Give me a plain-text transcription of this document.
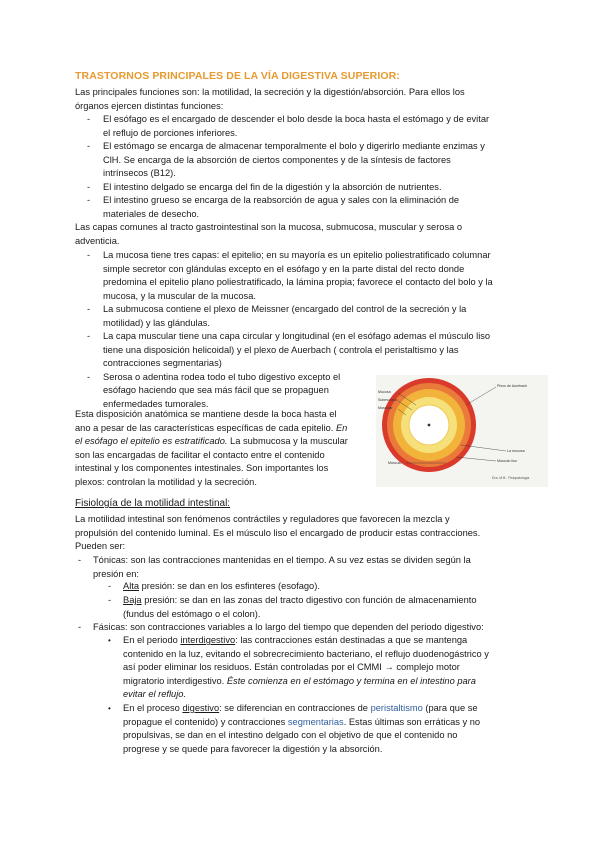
TRASTORNOS PRINCIPALES DE LA VÍA DIGESTIVA SUPERIOR:
Las principales funciones son: la motilidad, la secreción y la digestión/absorción. Para ellos los
órganos ejercen distintas funciones:
- El esófago es el encargado de descender el bolo desde la boca hasta el estómago y de evitar
el reflujo de porciones inferiores.
- El estómago se encarga de almacenar temporalmente el bolo y digerirlo mediante enzimas y
ClH. Se encarga de la absorción de ciertos componentes y de la síntesis de factores
intrínsecos (B12).
- El intestino delgado se encarga del fin de la digestión y la absorción de nutrientes.
- El intestino grueso se encarga de la reabsorción de agua y sales con la eliminación de
materiales de desecho.
Las capas comunes al tracto gastrointestinal son la mucosa, submucosa, muscular y serosa o
adventicia.
- La mucosa tiene tres capas: el epitelio; en su mayoría es un epitelio poliestratificado columnar
simple secretor con glándulas excepto en el esófago y en la parte distal del recto donde
predomina el epitelio plano poliestratificado, la lámina propia; favorece el contacto del bolo y la
mucosa, y la muscular de la mucosa.
- La submucosa contiene el plexo de Meissner (encargado del control de la secreción y la
motilidad) y las glándulas.
- La capa muscular tiene una capa circular y longitudinal (en el esófago ademas el músculo liso
tiene una disposición helicoidal) y el plexo de Auerbach ( controla el peristaltismo y las
contracciones segmentarias)
- Serosa o adentina rodea todo el tubo digestivo excepto el
esófago haciendo que sea más fácil que se propaguen
enfermedades tumorales.
Esta disposición anatómica se mantiene desde la boca hasta el
ano a pesar de las características específicas de cada epitelio. En
el esófago el epitelio es estratificado. La submucosa y la muscular
son las encargadas de facilitar el contacto entre el contenido
intestinal y los componentes intestinales. Son importantes los
plexos: controlan la motilidad y la secreción.
Mucosa
Submucosa
Muscular
Plexo de Auerbach
La mucosa
Músculo liso
Músculo
Dra. M.B.. Fisiopatología
Fisiología de la motilidad intestinal:
La motilidad intestinal son fenómenos contráctiles y reguladores que favorecen la mezcla y
propulsión del contenido luminal. Es el músculo liso el encargado de producir estas contracciones.
Pueden ser:
- Tónicas: son las contracciones mantenidas en el tiempo. A su vez estas se dividen según la
presión en:
- Alta presión: se dan en los esfinteres (esofago).
- Baja presión: se dan en las zonas del tracto digestivo con función de almacenamiento
(fundus del estómago o el colon).
- Fásicas: son contracciones variables a lo largo del tiempo que dependen del periodo digestivo:
• En el periodo interdigestivo: las contracciones están destinadas a que se mantenga
contenido en la luz, evitando el sobrecrecimiento bacteriano, el reflujo duodenogástrico y
así poder eliminar los residuos. Están controladas por el CMMI → complejo motor
migratorio interdigestivo. Éste comienza en el estómago y termina en el intestino para
evitar el reflujo.
• En el proceso digestivo: se diferencian en contracciones de peristaltismo (para que se
propague el contenido) y contracciones segmentarias. Estas últimas son erráticas y no
propulsivas, se dan en el intestino delgado con el objetivo de que el contenido no
progrese y se quede para favorecer la digestión y la absorción.
